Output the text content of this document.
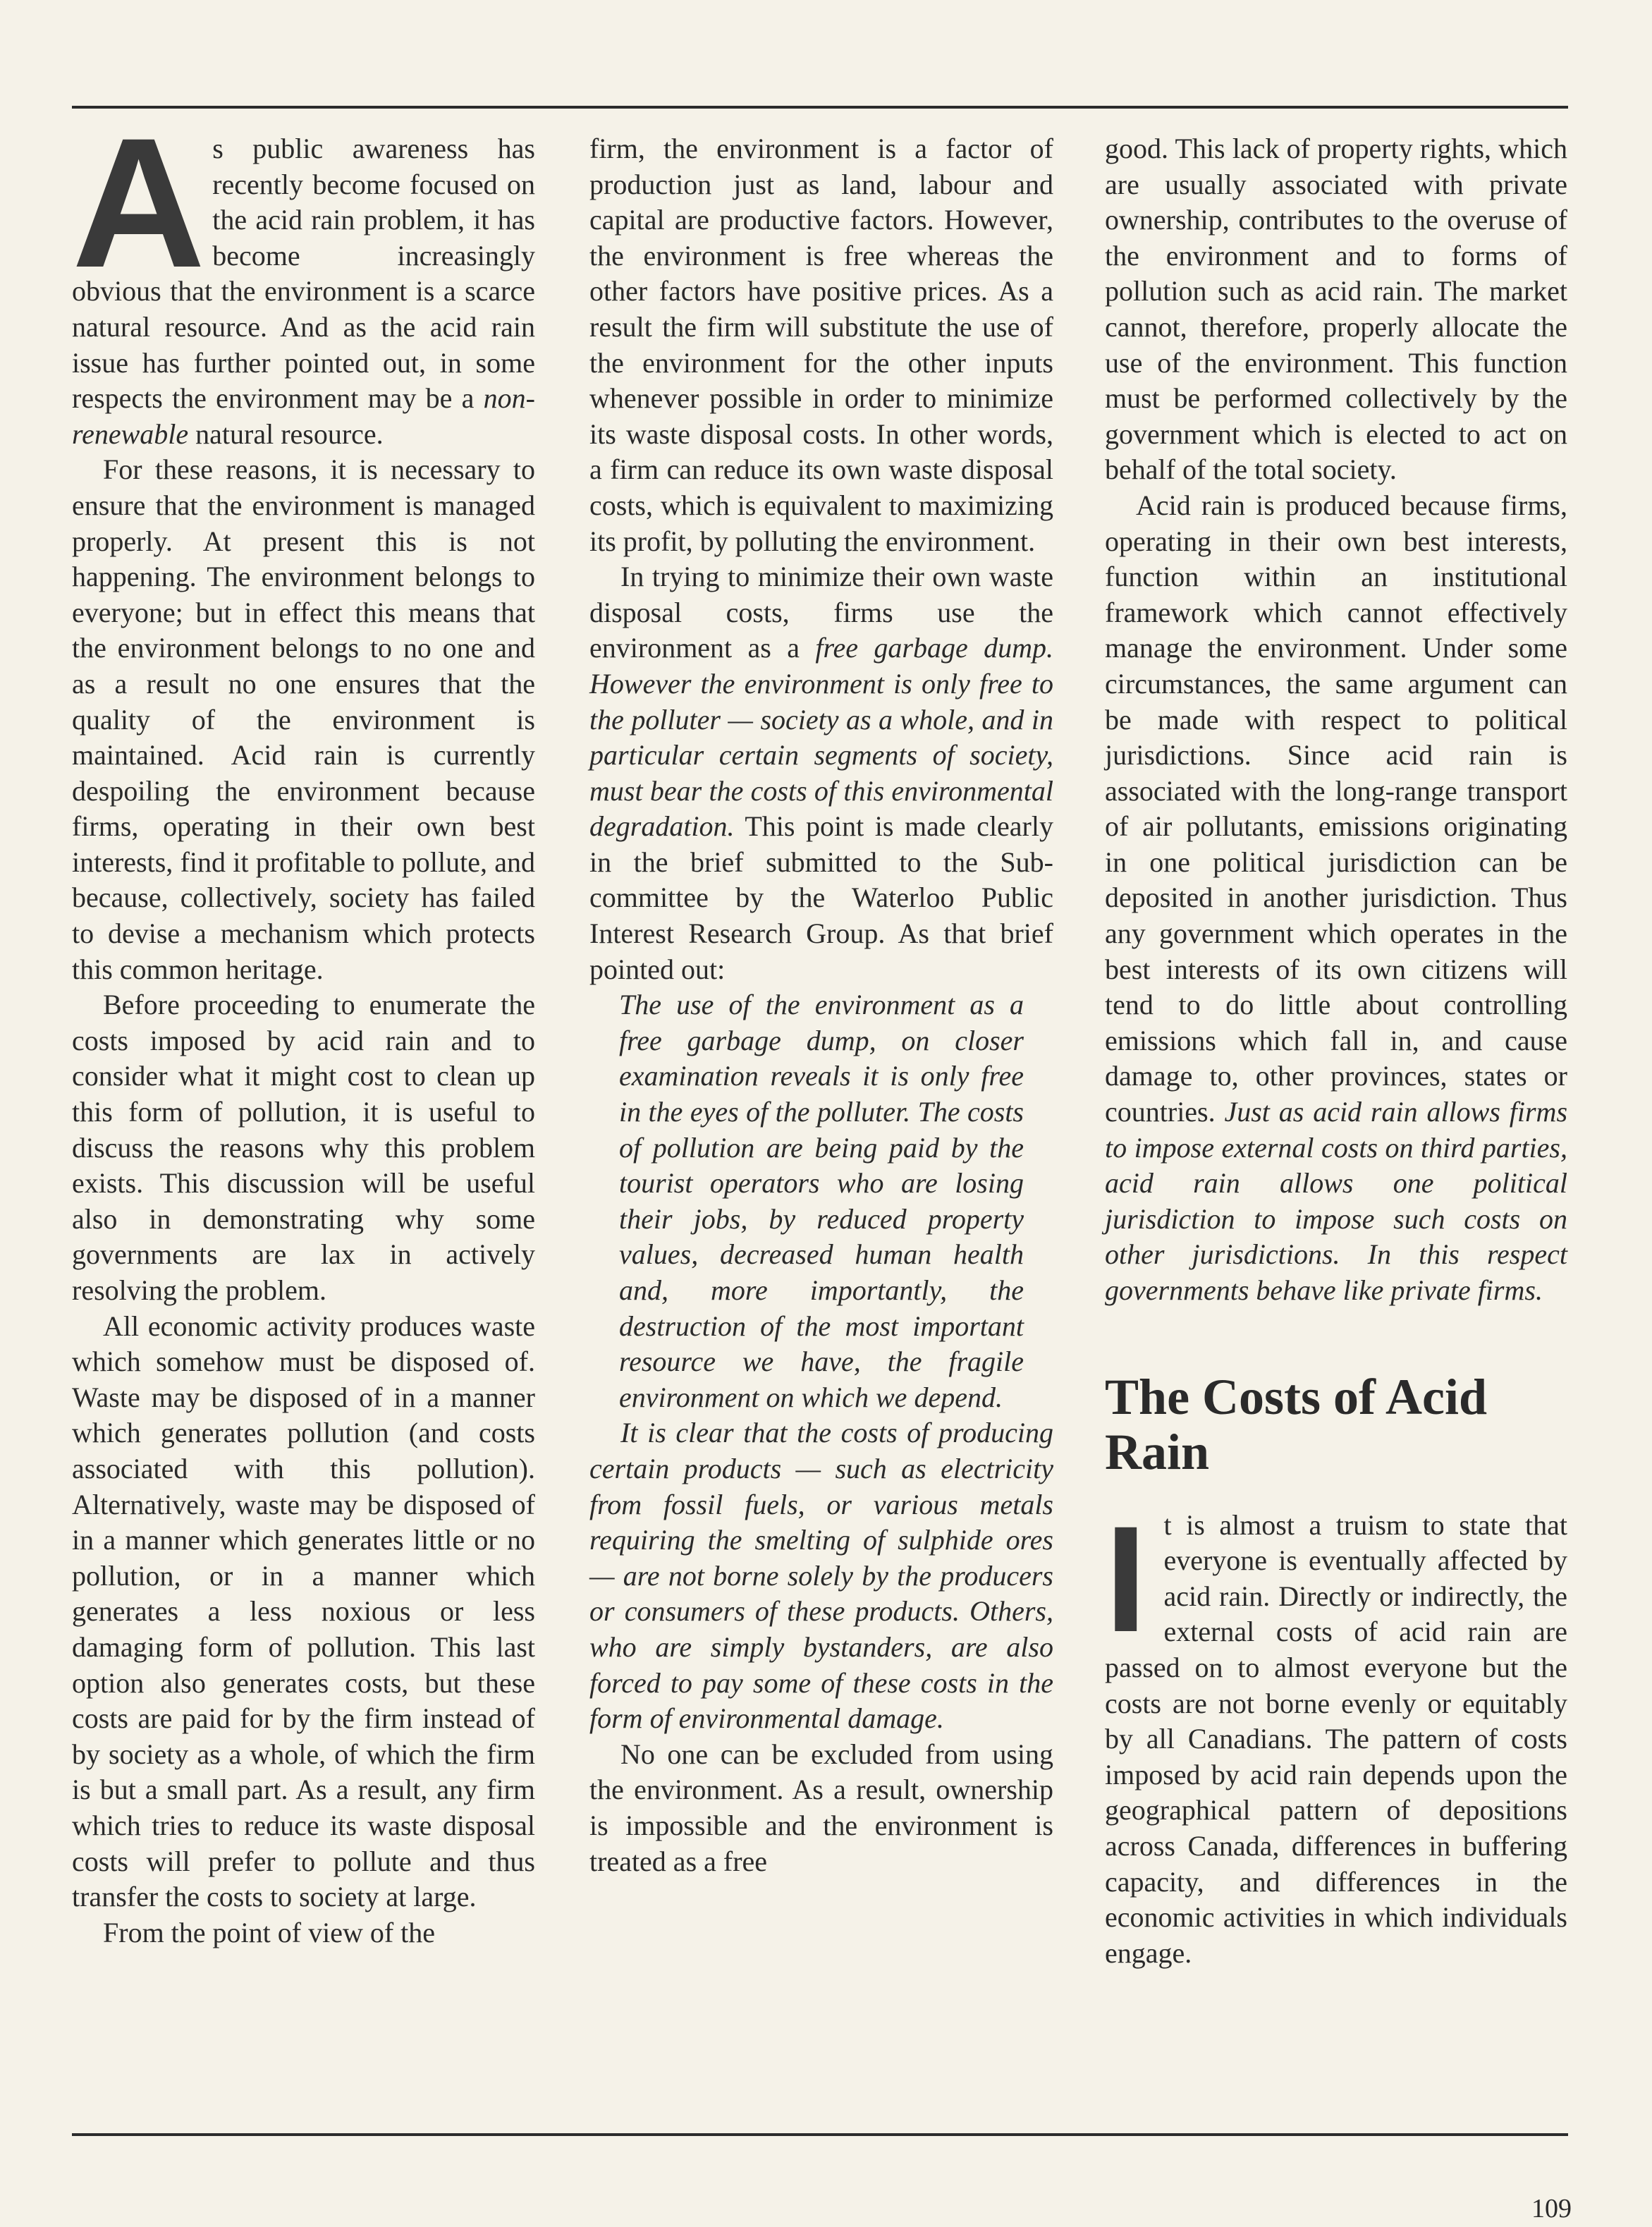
As public awareness has recently become focused on the acid rain problem, it has become increasingly obvious that the environment is a scarce natural resource. And as the acid rain issue has further pointed out, in some respects the environment may be a non-renewable natural resource.

For these reasons, it is necessary to ensure that the environment is managed properly. At present this is not happening. The environment belongs to everyone; but in effect this means that the environment belongs to no one and as a result no one ensures that the quality of the environment is maintained. Acid rain is currently despoiling the environment because firms, operating in their own best interests, find it profitable to pollute, and because, collectively, society has failed to devise a mechanism which protects this common heritage.

Before proceeding to enumerate the costs imposed by acid rain and to consider what it might cost to clean up this form of pollution, it is useful to discuss the reasons why this problem exists. This discussion will be useful also in demonstrating why some governments are lax in actively resolving the problem.

All economic activity produces waste which somehow must be disposed of. Waste may be disposed of in a manner which generates pollution (and costs associated with this pollution). Alternatively, waste may be disposed of in a manner which generates little or no pollution, or in a manner which generates a less noxious or less damaging form of pollution. This last option also generates costs, but these costs are paid for by the firm instead of by society as a whole, of which the firm is but a small part. As a result, any firm which tries to reduce its waste disposal costs will prefer to pollute and thus transfer the costs to society at large.

From the point of view of the

firm, the environment is a factor of production just as land, labour and capital are productive factors. However, the environment is free whereas the other factors have positive prices. As a result the firm will substitute the use of the environment for the other inputs whenever possible in order to minimize its waste disposal costs. In other words, a firm can reduce its own waste disposal costs, which is equivalent to maximizing its profit, by polluting the environment.

In trying to minimize their own waste disposal costs, firms use the environment as a free garbage dump. However the environment is only free to the polluter — society as a whole, and in particular certain segments of society, must bear the costs of this environmental degradation. This point is made clearly in the brief submitted to the Sub-committee by the Waterloo Public Interest Research Group. As that brief pointed out:

The use of the environment as a free garbage dump, on closer examination reveals it is only free in the eyes of the polluter. The costs of pollution are being paid by the tourist operators who are losing their jobs, by reduced property values, decreased human health and, more importantly, the destruction of the most important resource we have, the fragile environment on which we depend.

It is clear that the costs of producing certain products — such as electricity from fossil fuels, or various metals requiring the smelting of sulphide ores — are not borne solely by the producers or consumers of these products. Others, who are simply bystanders, are also forced to pay some of these costs in the form of environmental damage.

No one can be excluded from using the environment. As a result, ownership is impossible and the environment is treated as a free

good. This lack of property rights, which are usually associated with private ownership, contributes to the overuse of the environment and to forms of pollution such as acid rain. The market cannot, therefore, properly allocate the use of the environment. This function must be performed collectively by the government which is elected to act on behalf of the total society.

Acid rain is produced because firms, operating in their own best interests, function within an institutional framework which cannot effectively manage the environment. Under some circumstances, the same argument can be made with respect to political jurisdictions. Since acid rain is associated with the long-range transport of air pollutants, emissions originating in one political jurisdiction can be deposited in another jurisdiction. Thus any government which operates in the best interests of its own citizens will tend to do little about controlling emissions which fall in, and cause damage to, other provinces, states or countries. Just as acid rain allows firms to impose external costs on third parties, acid rain allows one political jurisdiction to impose such costs on other jurisdictions. In this respect governments behave like private firms.

The Costs of Acid Rain

It is almost a truism to state that everyone is eventually affected by acid rain. Directly or indirectly, the external costs of acid rain are passed on to almost everyone but the costs are not borne evenly or equitably by all Canadians. The pattern of costs imposed by acid rain depends upon the geographical pattern of depositions across Canada, differences in buffering capacity, and differences in the economic activities in which individuals engage.

109
